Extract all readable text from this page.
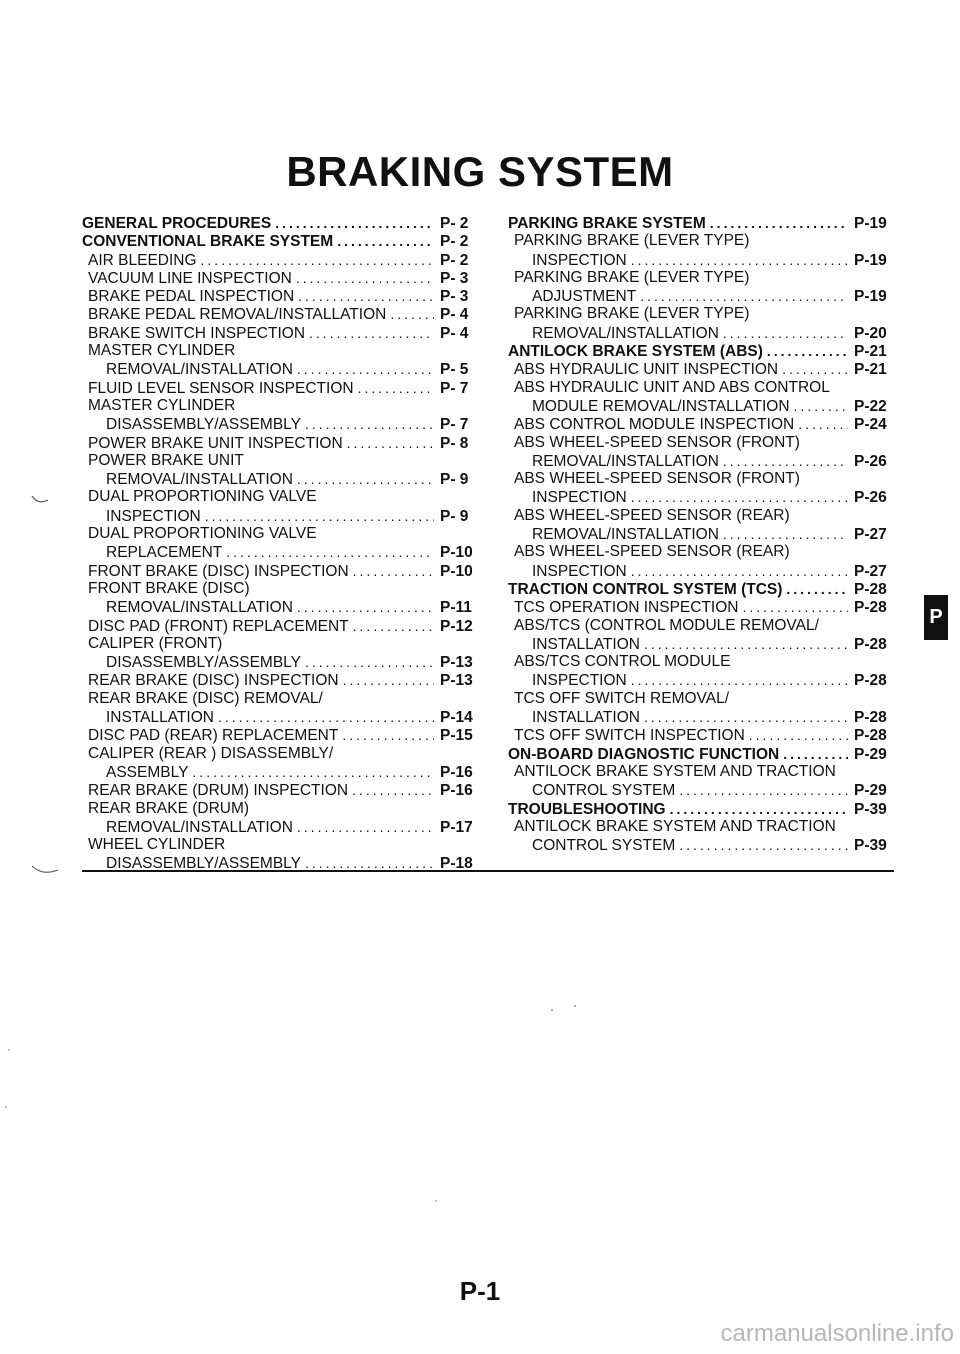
BRAKING SYSTEM
GENERAL PROCEDURES .....	P- 2
CONVENTIONAL BRAKE SYSTEM .....	P- 2
AIR BLEEDING .....	P- 2
VACUUM LINE INSPECTION .....	P- 3
BRAKE PEDAL INSPECTION .....	P- 3
BRAKE PEDAL REMOVAL/INSTALLATION .....	P- 4
BRAKE SWITCH INSPECTION .....	P- 4
MASTER CYLINDER
REMOVAL/INSTALLATION .....	P- 5
FLUID LEVEL SENSOR INSPECTION .....	P- 7
MASTER CYLINDER
DISASSEMBLY/ASSEMBLY .....	P- 7
POWER BRAKE UNIT INSPECTION .....	P- 8
POWER BRAKE UNIT
REMOVAL/INSTALLATION .....	P- 9
DUAL PROPORTIONING VALVE
INSPECTION .....	P- 9
DUAL PROPORTIONING VALVE
REPLACEMENT .....	P-10
FRONT BRAKE (DISC) INSPECTION .....	P-10
FRONT BRAKE (DISC)
REMOVAL/INSTALLATION .....	P-11
DISC PAD (FRONT) REPLACEMENT .....	P-12
CALIPER (FRONT)
DISASSEMBLY/ASSEMBLY .....	P-13
REAR BRAKE (DISC) INSPECTION .....	P-13
REAR BRAKE (DISC) REMOVAL/
INSTALLATION .....	P-14
DISC PAD (REAR) REPLACEMENT .....	P-15
CALIPER (REAR ) DISASSEMBLY/
ASSEMBLY .....	P-16
REAR BRAKE (DRUM) INSPECTION .....	P-16
REAR BRAKE (DRUM)
REMOVAL/INSTALLATION .....	P-17
WHEEL CYLINDER
DISASSEMBLY/ASSEMBLY .....	P-18
PARKING BRAKE SYSTEM .....	P-19
PARKING BRAKE (LEVER TYPE)
INSPECTION .....	P-19
PARKING BRAKE (LEVER TYPE)
ADJUSTMENT .....	P-19
PARKING BRAKE (LEVER TYPE)
REMOVAL/INSTALLATION .....	P-20
ANTILOCK BRAKE SYSTEM (ABS) .....	P-21
ABS HYDRAULIC UNIT INSPECTION .....	P-21
ABS HYDRAULIC UNIT AND ABS CONTROL
MODULE REMOVAL/INSTALLATION .....	P-22
ABS CONTROL MODULE INSPECTION .....	P-24
ABS WHEEL-SPEED SENSOR (FRONT)
REMOVAL/INSTALLATION .....	P-26
ABS WHEEL-SPEED SENSOR (FRONT)
INSPECTION .....	P-26
ABS WHEEL-SPEED SENSOR (REAR)
REMOVAL/INSTALLATION .....	P-27
ABS WHEEL-SPEED SENSOR (REAR)
INSPECTION .....	P-27
TRACTION CONTROL SYSTEM (TCS) .....	P-28
TCS OPERATION INSPECTION .....	P-28
ABS/TCS (CONTROL MODULE REMOVAL/
INSTALLATION .....	P-28
ABS/TCS CONTROL MODULE
INSPECTION .....	P-28
TCS OFF SWITCH REMOVAL/
INSTALLATION .....	P-28
TCS OFF SWITCH INSPECTION .....	P-28
ON-BOARD DIAGNOSTIC FUNCTION .....	P-29
ANTILOCK BRAKE SYSTEM AND TRACTION
CONTROL SYSTEM .....	P-29
TROUBLESHOOTING .....	P-39
ANTILOCK BRAKE SYSTEM AND TRACTION
CONTROL SYSTEM .....	P-39
P
P-1
carmanualsonline.info
